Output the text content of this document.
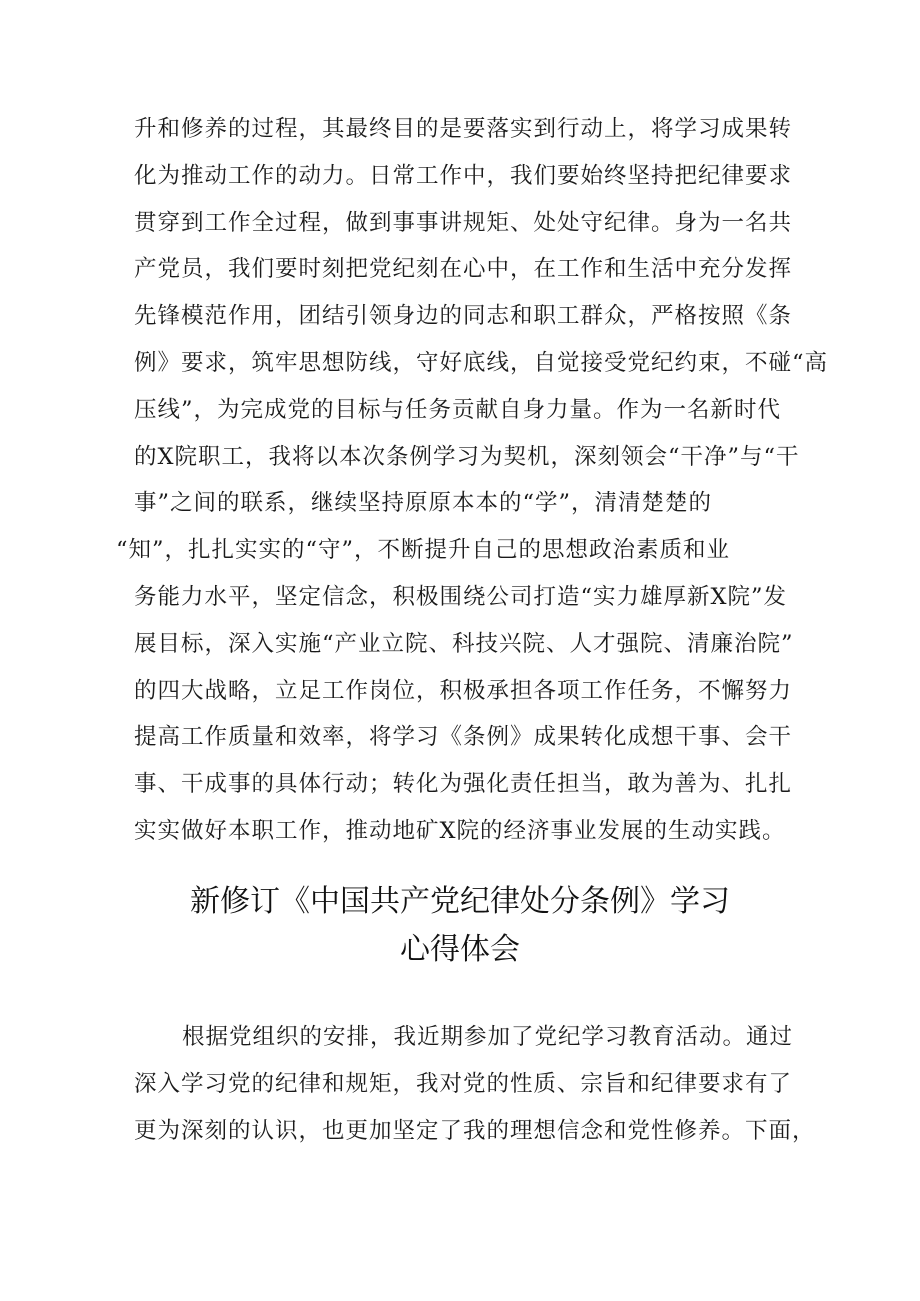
升和修养的过程，其最终目的是要落实到行动上，将学习成果转
化为推动工作的动力。日常工作中，我们要始终坚持把纪律要求
贯穿到工作全过程，做到事事讲规矩、处处守纪律。身为一名共
产党员，我们要时刻把党纪刻在心中，在工作和生活中充分发挥
先锋模范作用，团结引领身边的同志和职工群众，严格按照《条
例》要求，筑牢思想防线，守好底线，自觉接受党纪约束，不碰“高
压线”，为完成党的目标与任务贡献自身力量。作为一名新时代
的X院职工，我将以本次条例学习为契机，深刻领会“干净”与“干
事”之间的联系，继续坚持原原本本的“学”，清清楚楚的
“知”，扎扎实实的“守”，不断提升自己的思想政治素质和业
务能力水平，坚定信念，积极围绕公司打造“实力雄厚新X院”发
展目标，深入实施“产业立院、科技兴院、人才强院、清廉治院”
的四大战略，立足工作岗位，积极承担各项工作任务，不懈努力
提高工作质量和效率，将学习《条例》成果转化成想干事、会干
事、干成事的具体行动；转化为强化责任担当，敢为善为、扎扎
实实做好本职工作，推动地矿X院的经济事业发展的生动实践。
新修订《中国共产党纪律处分条例》学习
心得体会
根据党组织的安排，我近期参加了党纪学习教育活动。通过
深入学习党的纪律和规矩，我对党的性质、宗旨和纪律要求有了
更为深刻的认识，也更加坚定了我的理想信念和党性修养。下面，
